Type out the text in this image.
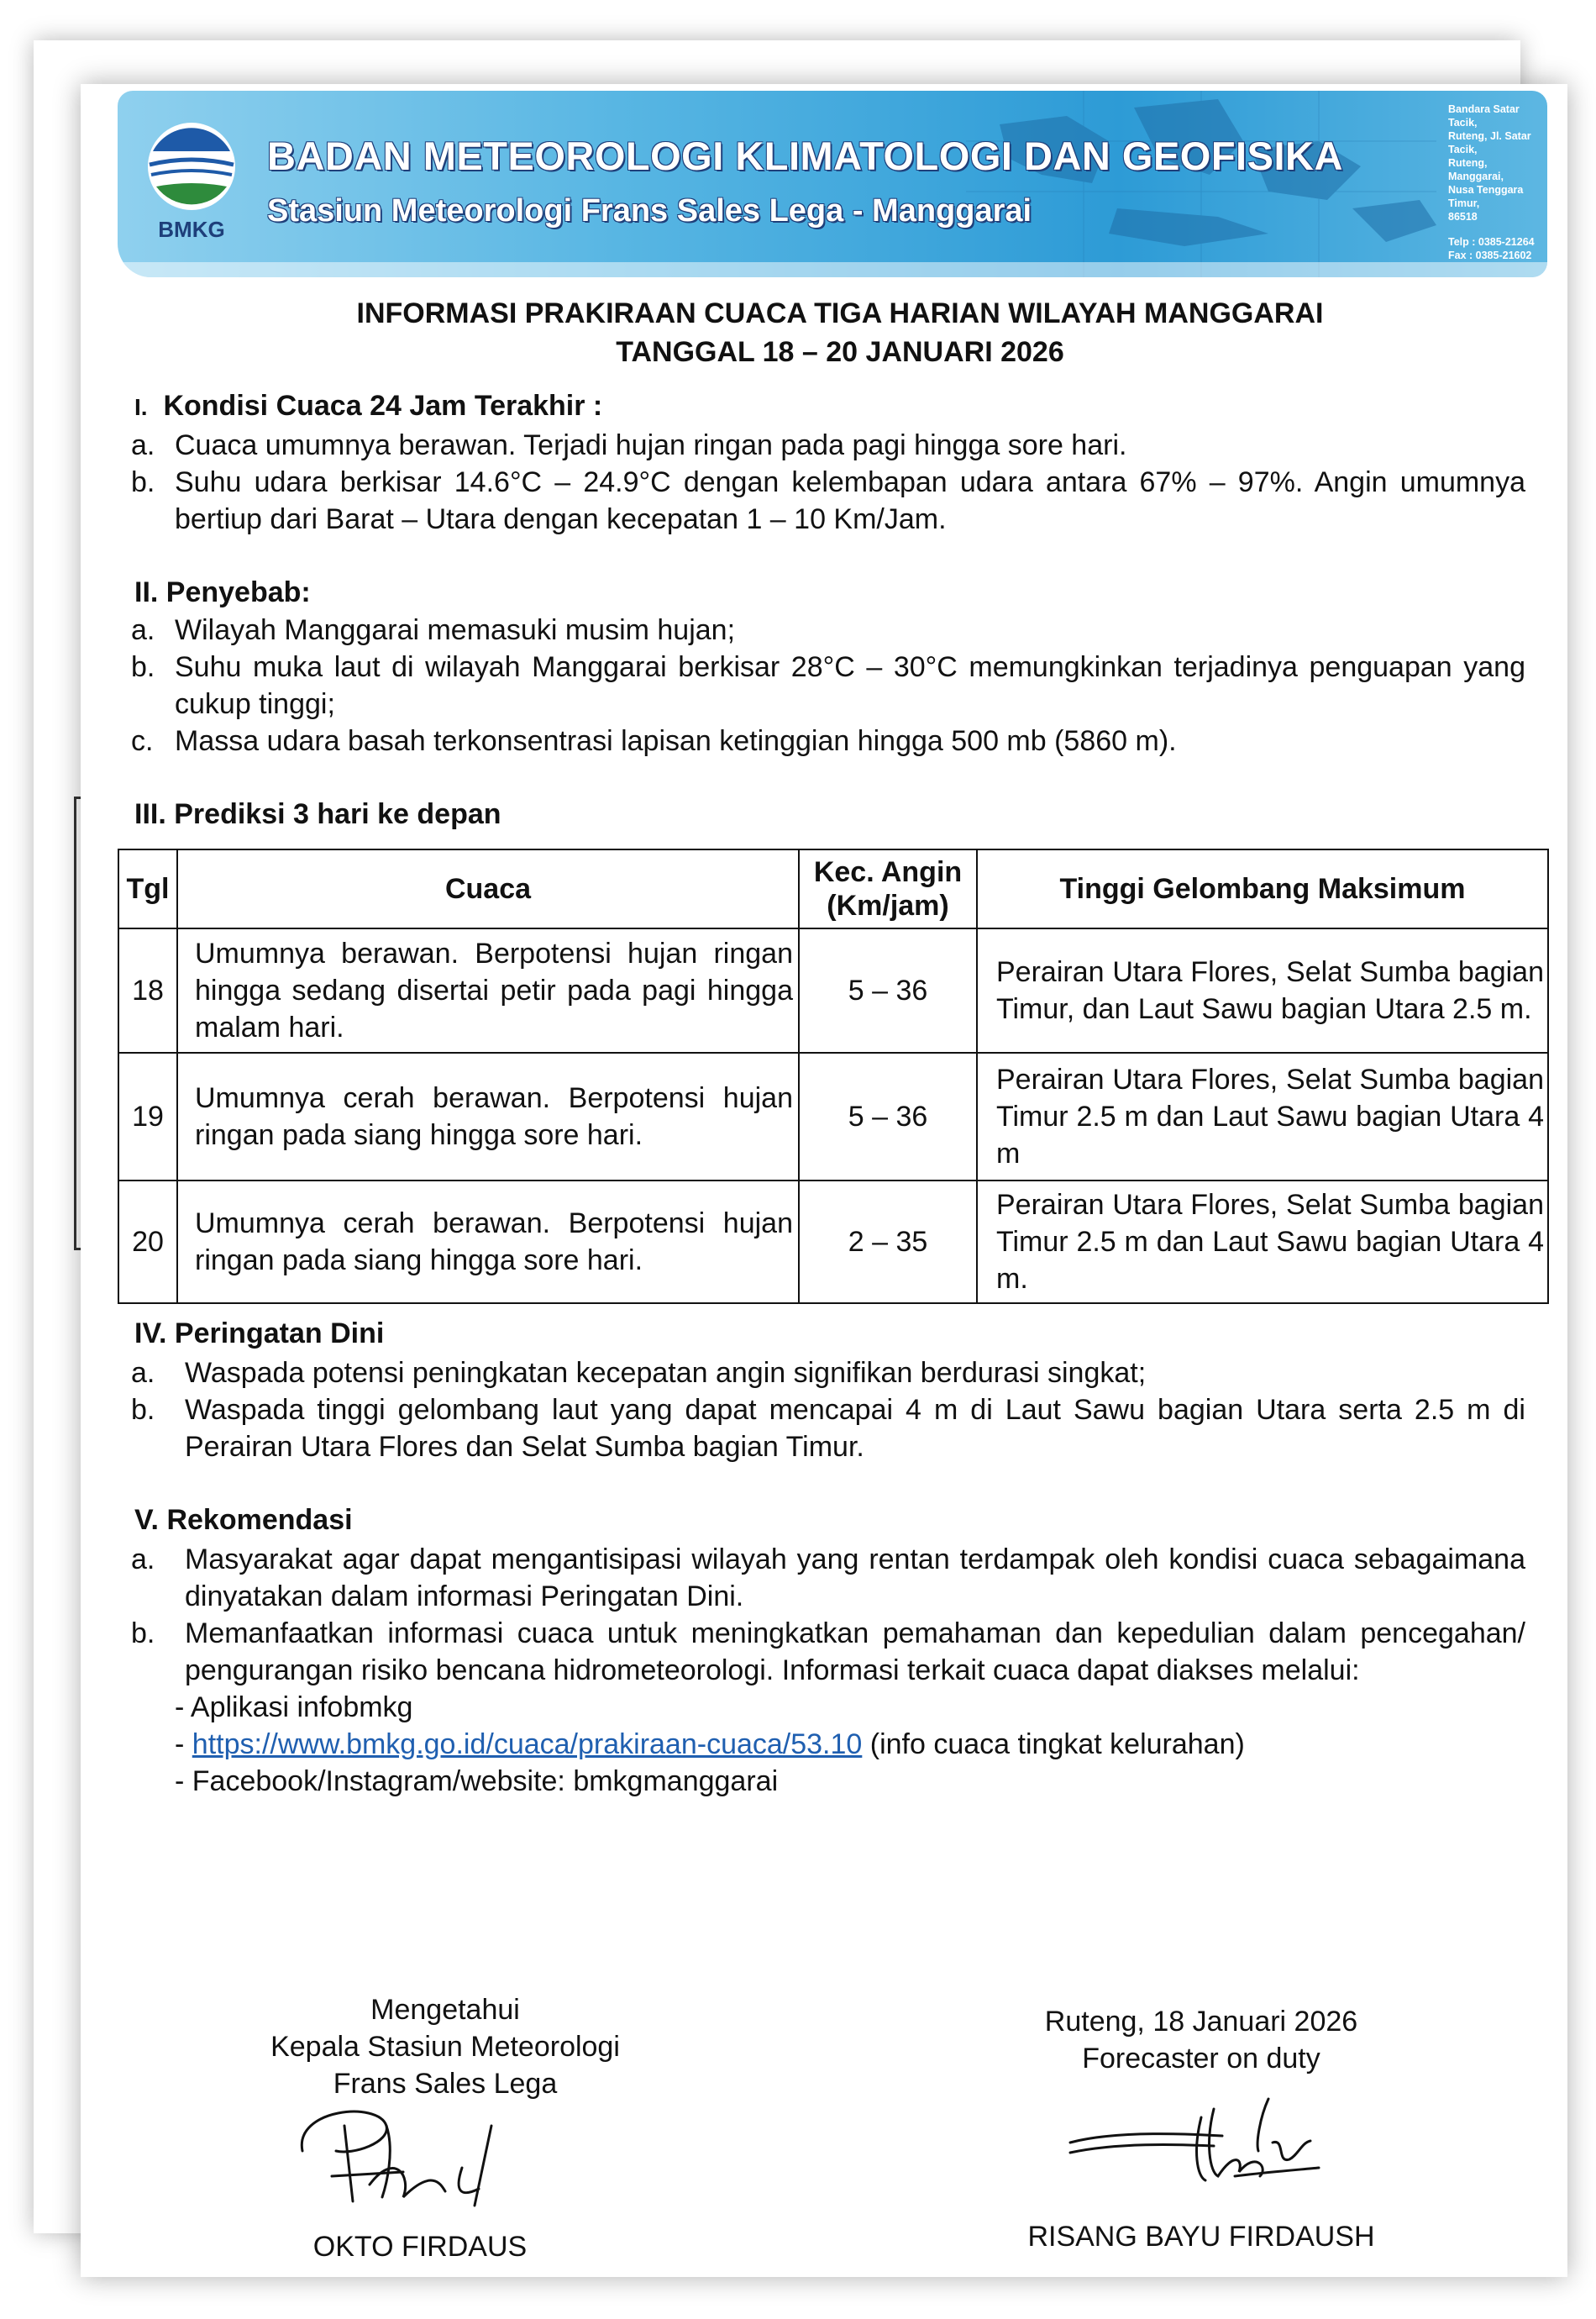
BMKG
BADAN METEOROLOGI KLIMATOLOGI DAN GEOFISIKA
Stasiun Meteorologi Frans Sales Lega - Manggarai
Bandara Satar Tacik,
Ruteng, Jl. Satar Tacik,
Ruteng, Manggarai,
Nusa Tenggara Timur,
86518
Telp : 0385-21264
Fax : 0385-21602
INFORMASI PRAKIRAAN CUACA TIGA HARIAN WILAYAH MANGGARAI
TANGGAL 18 – 20 JANUARI 2026
I. Kondisi Cuaca 24 Jam Terakhir :
a. Cuaca umumnya berawan. Terjadi hujan ringan pada pagi hingga sore hari.
b. Suhu udara berkisar 14.6°C – 24.9°C dengan kelembapan udara antara 67% – 97%. Angin umumnya bertiup dari Barat – Utara dengan kecepatan 1 – 10 Km/Jam.
II. Penyebab:
a. Wilayah Manggarai memasuki musim hujan;
b. Suhu muka laut di wilayah Manggarai berkisar 28°C – 30°C memungkinkan terjadinya penguapan yang cukup tinggi;
c. Massa udara basah terkonsentrasi lapisan ketinggian hingga 500 mb (5860 m).
III. Prediksi 3 hari ke depan
Tgl	Cuaca	Kec. Angin (Km/jam)	Tinggi Gelombang Maksimum
18	Umumnya berawan. Berpotensi hujan ringan hingga sedang disertai petir pada pagi hingga malam hari.	5 – 36	Perairan Utara Flores, Selat Sumba bagian Timur, dan Laut Sawu bagian Utara 2.5 m.
19	Umumnya cerah berawan. Berpotensi hujan ringan pada siang hingga sore hari.	5 – 36	Perairan Utara Flores, Selat Sumba bagian Timur 2.5 m dan Laut Sawu bagian Utara 4 m
20	Umumnya cerah berawan. Berpotensi hujan ringan pada siang hingga sore hari.	2 – 35	Perairan Utara Flores, Selat Sumba bagian Timur 2.5 m dan Laut Sawu bagian Utara 4 m.
IV. Peringatan Dini
a. Waspada potensi peningkatan kecepatan angin signifikan berdurasi singkat;
b. Waspada tinggi gelombang laut yang dapat mencapai 4 m di Laut Sawu bagian Utara serta 2.5 m di Perairan Utara Flores dan Selat Sumba bagian Timur.
V. Rekomendasi
a. Masyarakat agar dapat mengantisipasi wilayah yang rentan terdampak oleh kondisi cuaca sebagaimana dinyatakan dalam informasi Peringatan Dini.
b. Memanfaatkan informasi cuaca untuk meningkatkan pemahaman dan kepedulian dalam pencegahan/ pengurangan risiko bencana hidrometeorologi. Informasi terkait cuaca dapat diakses melalui:
- Aplikasi infobmkg
- https://www.bmkg.go.id/cuaca/prakiraan-cuaca/53.10 (info cuaca tingkat kelurahan)
- Facebook/Instagram/website: bmkgmanggarai
Mengetahui
Kepala Stasiun Meteorologi
Frans Sales Lega
OKTO FIRDAUS
Ruteng, 18 Januari 2026
Forecaster on duty
RISANG BAYU FIRDAUSH
